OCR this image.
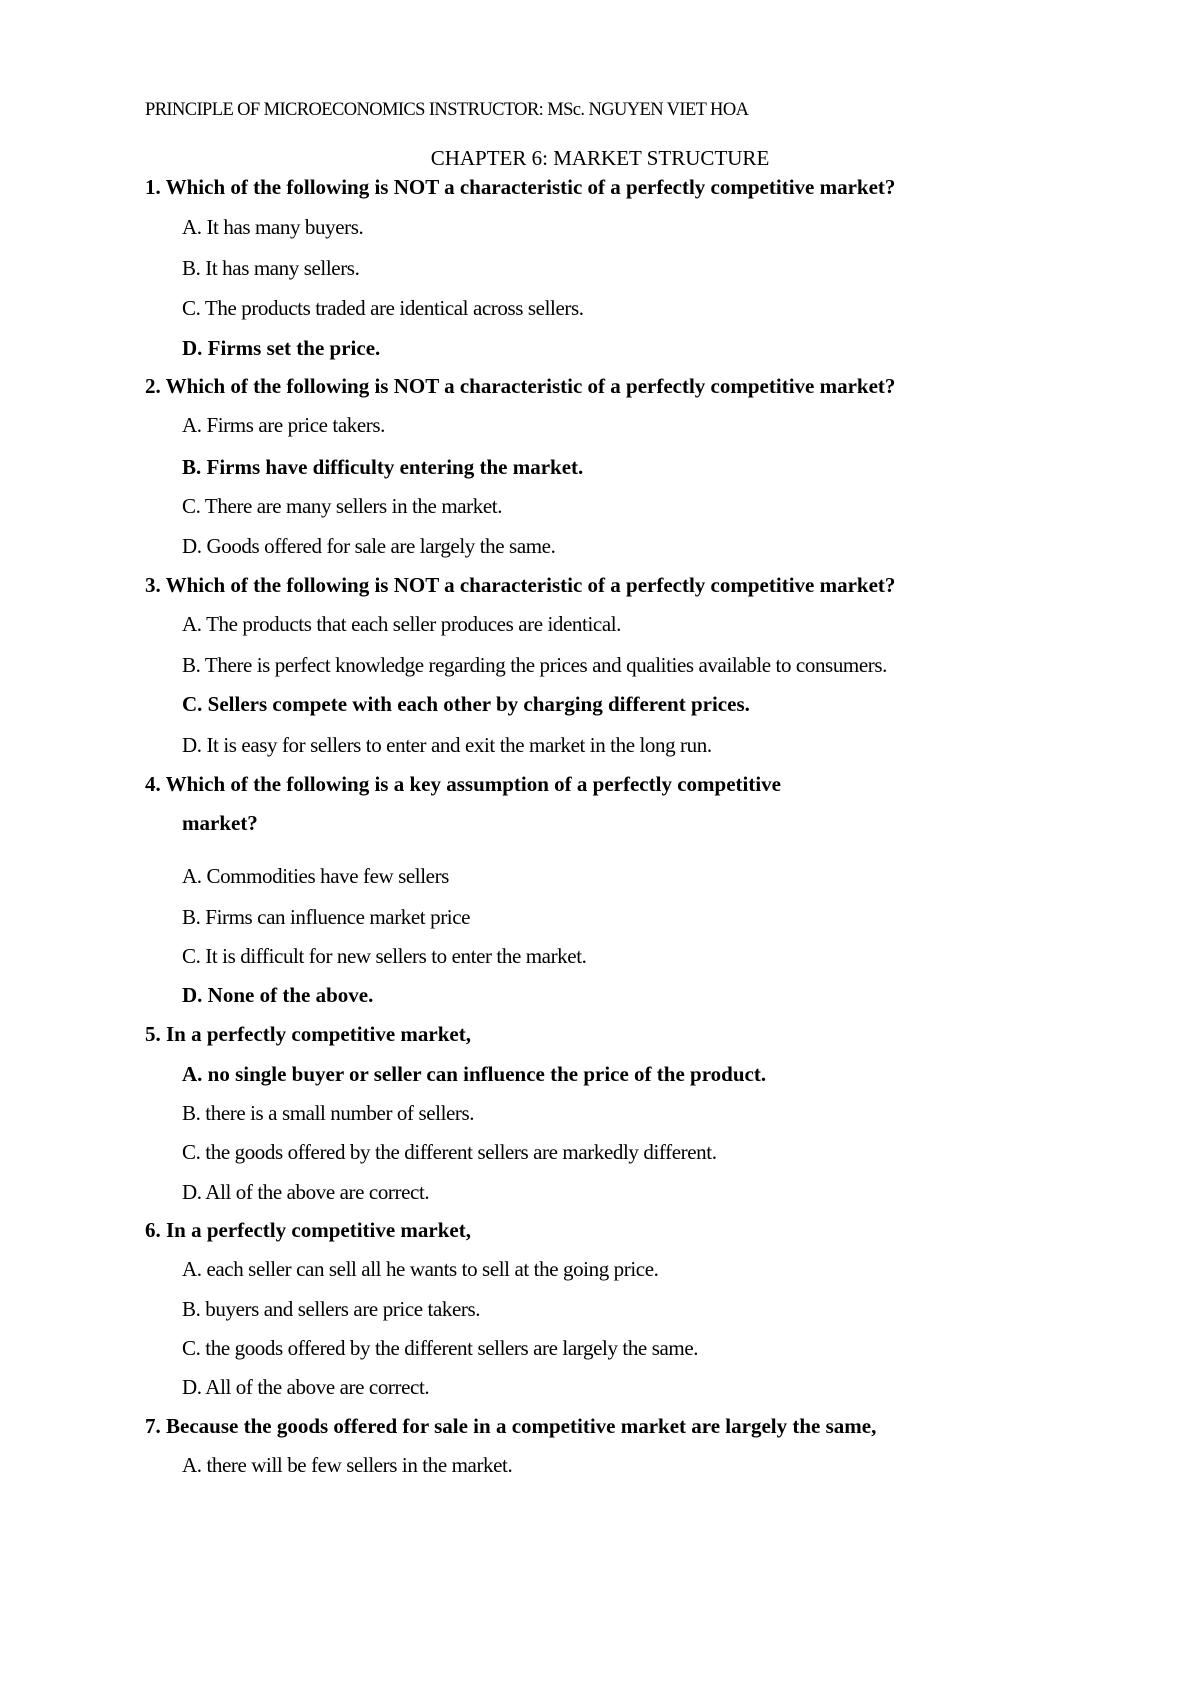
PRINCIPLE OF MICROECONOMICS INSTRUCTOR: MSc. NGUYEN VIET HOA
CHAPTER 6: MARKET STRUCTURE
1. Which of the following is NOT a characteristic of a perfectly competitive market?
A. It has many buyers.
B. It has many sellers.
C. The products traded are identical across sellers.
D. Firms set the price.
2. Which of the following is NOT a characteristic of a perfectly competitive market?
A. Firms are price takers.
B. Firms have difficulty entering the market.
C. There are many sellers in the market.
D. Goods offered for sale are largely the same.
3. Which of the following is NOT a characteristic of a perfectly competitive market?
A. The products that each seller produces are identical.
B. There is perfect knowledge regarding the prices and qualities available to consumers.
C. Sellers compete with each other by charging different prices.
D. It is easy for sellers to enter and exit the market in the long run.
4. Which of the following is a key assumption of a perfectly competitive
market?
A. Commodities have few sellers
B. Firms can influence market price
C. It is difficult for new sellers to enter the market.
D. None of the above.
5. In a perfectly competitive market,
A. no single buyer or seller can influence the price of the product.
B. there is a small number of sellers.
C. the goods offered by the different sellers are markedly different.
D. All of the above are correct.
6. In a perfectly competitive market,
A. each seller can sell all he wants to sell at the going price.
B. buyers and sellers are price takers.
C. the goods offered by the different sellers are largely the same.
D. All of the above are correct.
7. Because the goods offered for sale in a competitive market are largely the same,
A. there will be few sellers in the market.
